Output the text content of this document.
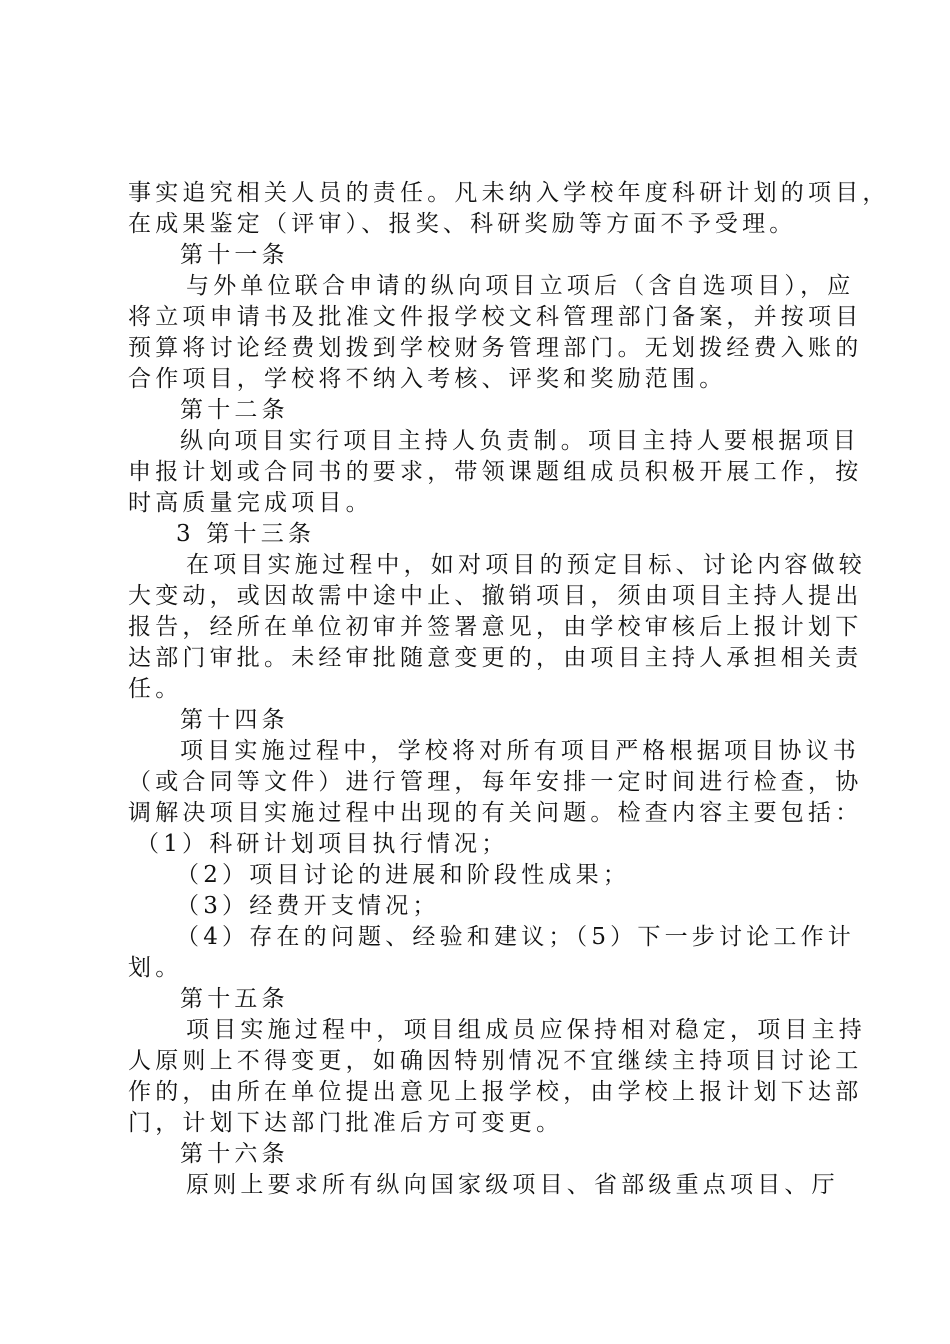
事实追究相关人员的责任。凡未纳入学校年度科研计划的项目，
在成果鉴定（评审）、报奖、科研奖励等方面不予受理。
第十一条
与外单位联合申请的纵向项目立项后（含自选项目），应
将立项申请书及批准文件报学校文科管理部门备案，并按项目
预算将讨论经费划拨到学校财务管理部门。无划拨经费入账的
合作项目，学校将不纳入考核、评奖和奖励范围。
第十二条
纵向项目实行项目主持人负责制。项目主持人要根据项目
申报计划或合同书的要求，带领课题组成员积极开展工作，按
时高质量完成项目。
3 第十三条
在项目实施过程中，如对项目的预定目标、讨论内容做较
大变动，或因故需中途中止、撤销项目，须由项目主持人提出
报告，经所在单位初审并签署意见，由学校审核后上报计划下
达部门审批。未经审批随意变更的，由项目主持人承担相关责
任。
第十四条
项目实施过程中，学校将对所有项目严格根据项目协议书
（或合同等文件）进行管理，每年安排一定时间进行检查，协
调解决项目实施过程中出现的有关问题。检查内容主要包括：
（1）科研计划项目执行情况；
（2）项目讨论的进展和阶段性成果；
（3）经费开支情况；
（4）存在的问题、经验和建议；（5）下一步讨论工作计
划。
第十五条
项目实施过程中，项目组成员应保持相对稳定，项目主持
人原则上不得变更，如确因特别情况不宜继续主持项目讨论工
作的，由所在单位提出意见上报学校，由学校上报计划下达部
门，计划下达部门批准后方可变更。
第十六条
原则上要求所有纵向国家级项目、省部级重点项目、厅
